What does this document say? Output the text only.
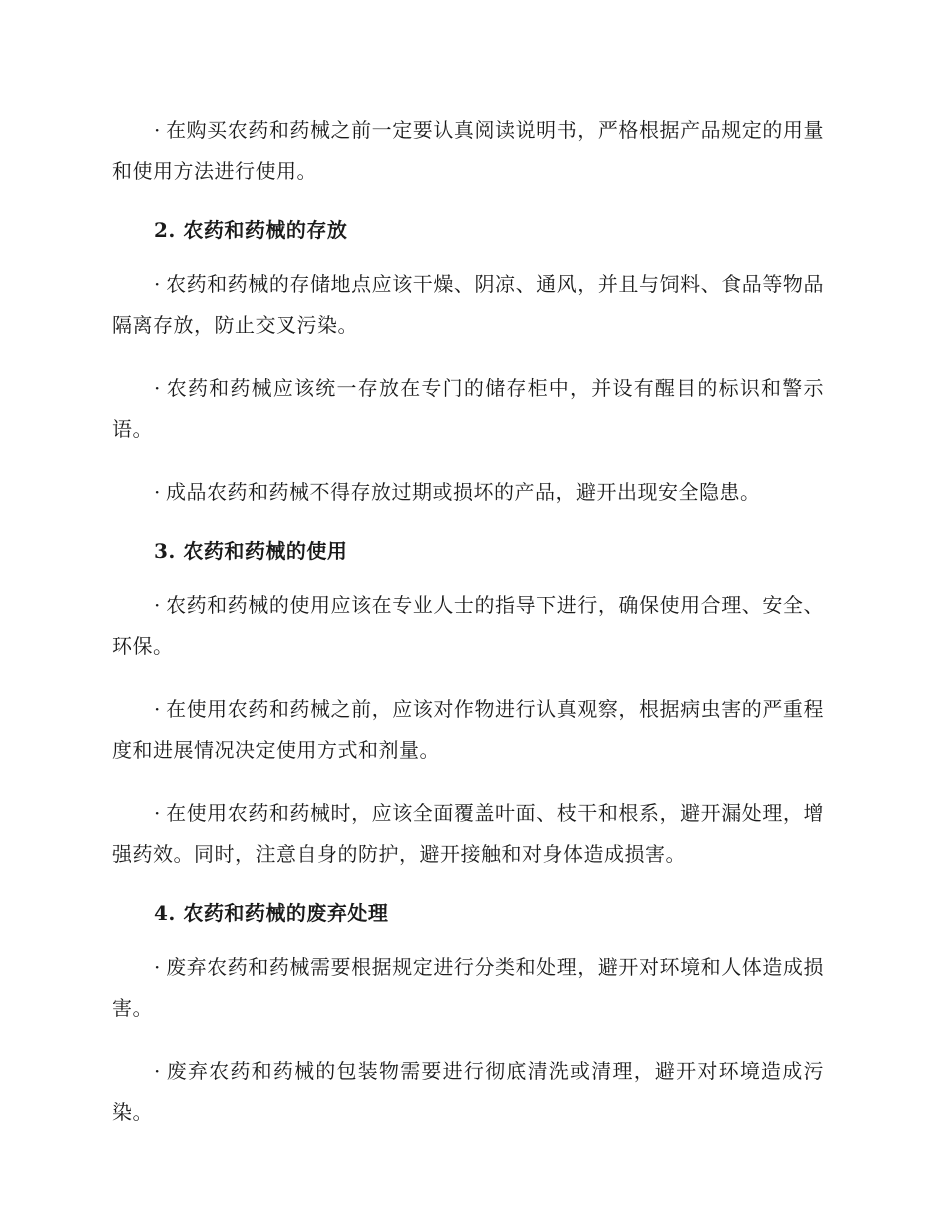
· 在购买农药和药械之前一定要认真阅读说明书，严格根据产品规定的用量和使用方法进行使用。

2. 农药和药械的存放

· 农药和药械的存储地点应该干燥、阴凉、通风，并且与饲料、食品等物品隔离存放，防止交叉污染。

· 农药和药械应该统一存放在专门的储存柜中，并设有醒目的标识和警示语。

· 成品农药和药械不得存放过期或损坏的产品，避开出现安全隐患。

3. 农药和药械的使用

· 农药和药械的使用应该在专业人士的指导下进行，确保使用合理、安全、环保。

· 在使用农药和药械之前，应该对作物进行认真观察，根据病虫害的严重程度和进展情况决定使用方式和剂量。

· 在使用农药和药械时，应该全面覆盖叶面、枝干和根系，避开漏处理，增强药效。同时，注意自身的防护，避开接触和对身体造成损害。

4. 农药和药械的废弃处理

· 废弃农药和药械需要根据规定进行分类和处理，避开对环境和人体造成损害。

· 废弃农药和药械的包装物需要进行彻底清洗或清理，避开对环境造成污染。
